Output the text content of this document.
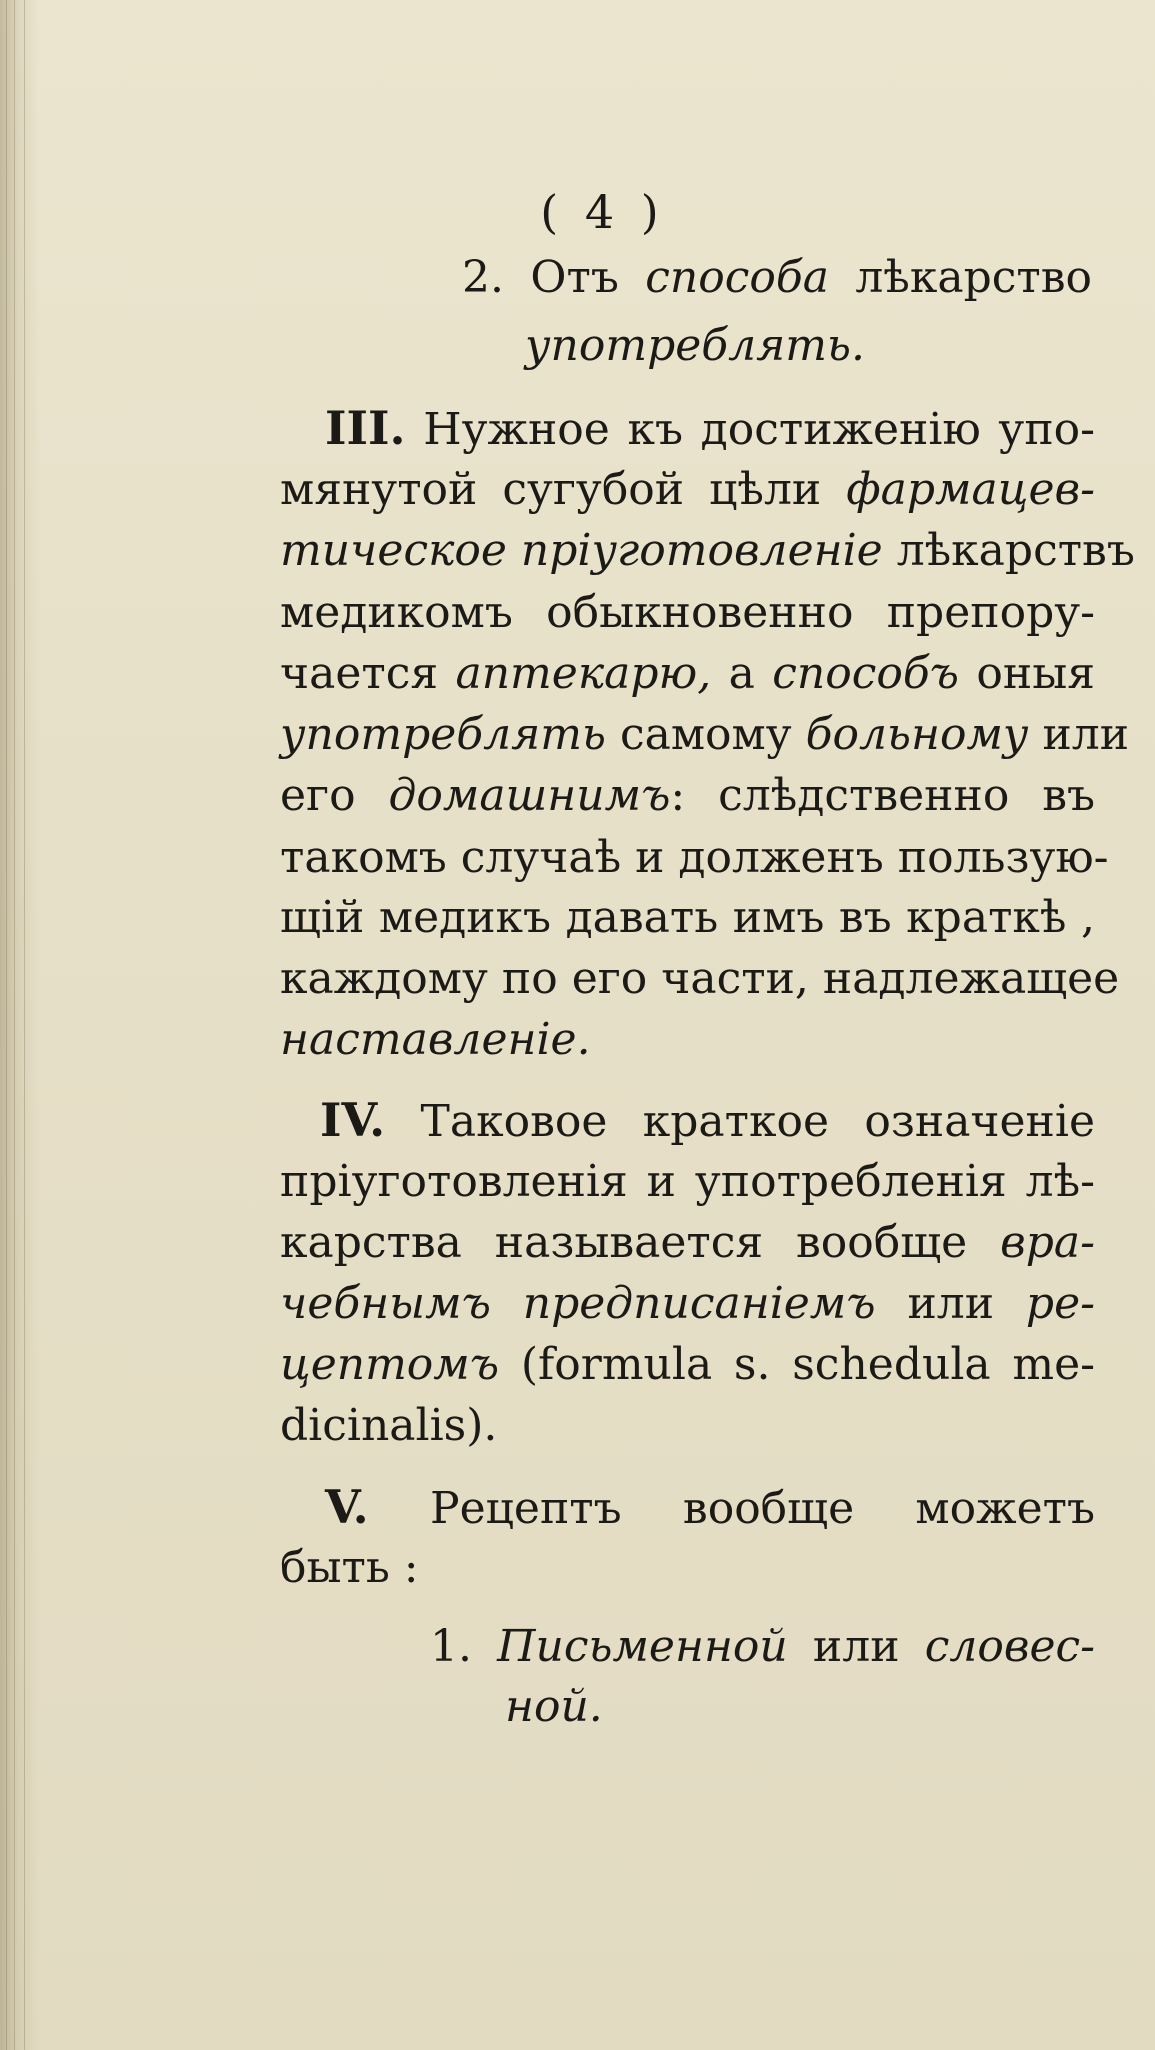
( 4 )
2. Отъ способа лѣкарство
употреблять.
III. Нужное къ достиженію упо-
мянутой сугубой цѣли фармацев-
тическое пріуготовленіе лѣкарствъ
медикомъ обыкновенно препору-
чается аптекарю, а способъ оныя
употреблять самому больному или
его домашнимъ: слѣдственно въ
такомъ случаѣ и долженъ пользую-
щій медикъ давать имъ въ краткѣ ,
каждому по его части, надлежащее
наставленіе.
IV. Таковое краткое означеніе
пріуготовленія и употребленія лѣ-
карства называется вообще вра-
чебнымъ предписаніемъ или ре-
цептомъ (formula s. schedula me-
dicinalis).
V. Рецептъ вообще можетъ
быть :
1. Письменной или словес-
ной.
